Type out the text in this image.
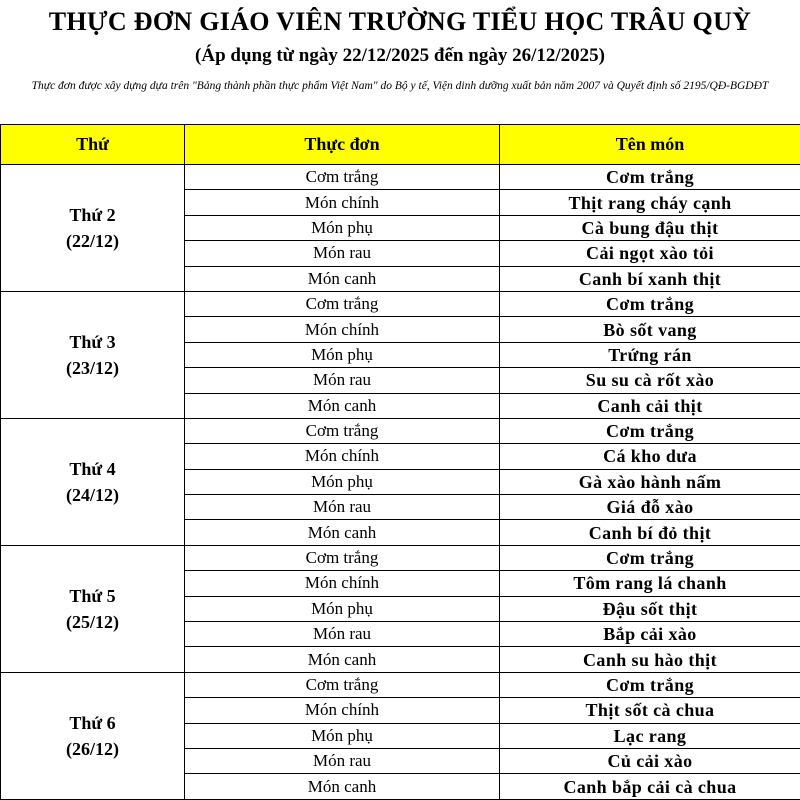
THỰC ĐƠN GIÁO VIÊN TRƯỜNG TIỂU HỌC TRÂU QUỲ
(Áp dụng từ ngày 22/12/2025 đến ngày 26/12/2025)
Thực đơn được xây dựng dựa trên "Bảng thành phần thực phẩm Việt Nam" do Bộ y tế, Viện dinh dưỡng xuất bản năm 2007 và Quyết định số 2195/QĐ-BGDĐT
Thứ	Thực đơn	Tên món

Thứ 2
(22/12)	Cơm trắng	Cơm trắng
	Món chính	Thịt rang cháy cạnh
	Món phụ	Cà bung đậu thịt
	Món rau	Cải ngọt xào tỏi
	Món canh	Canh bí xanh thịt

Thứ 3
(23/12)	Cơm trắng	Cơm trắng
	Món chính	Bò sốt vang
	Món phụ	Trứng rán
	Món rau	Su su cà rốt xào
	Món canh	Canh cải thịt

Thứ 4
(24/12)	Cơm trắng	Cơm trắng
	Món chính	Cá kho dưa
	Món phụ	Gà xào hành nấm
	Món rau	Giá đỗ xào
	Món canh	Canh bí đỏ thịt

Thứ 5
(25/12)	Cơm trắng	Cơm trắng
	Món chính	Tôm rang lá chanh
	Món phụ	Đậu sốt thịt
	Món rau	Bắp cải xào
	Món canh	Canh su hào thịt

Thứ 6
(26/12)	Cơm trắng	Cơm trắng
	Món chính	Thịt sốt cà chua
	Món phụ	Lạc rang
	Món rau	Củ cải xào
	Món canh	Canh bắp cải cà chua
